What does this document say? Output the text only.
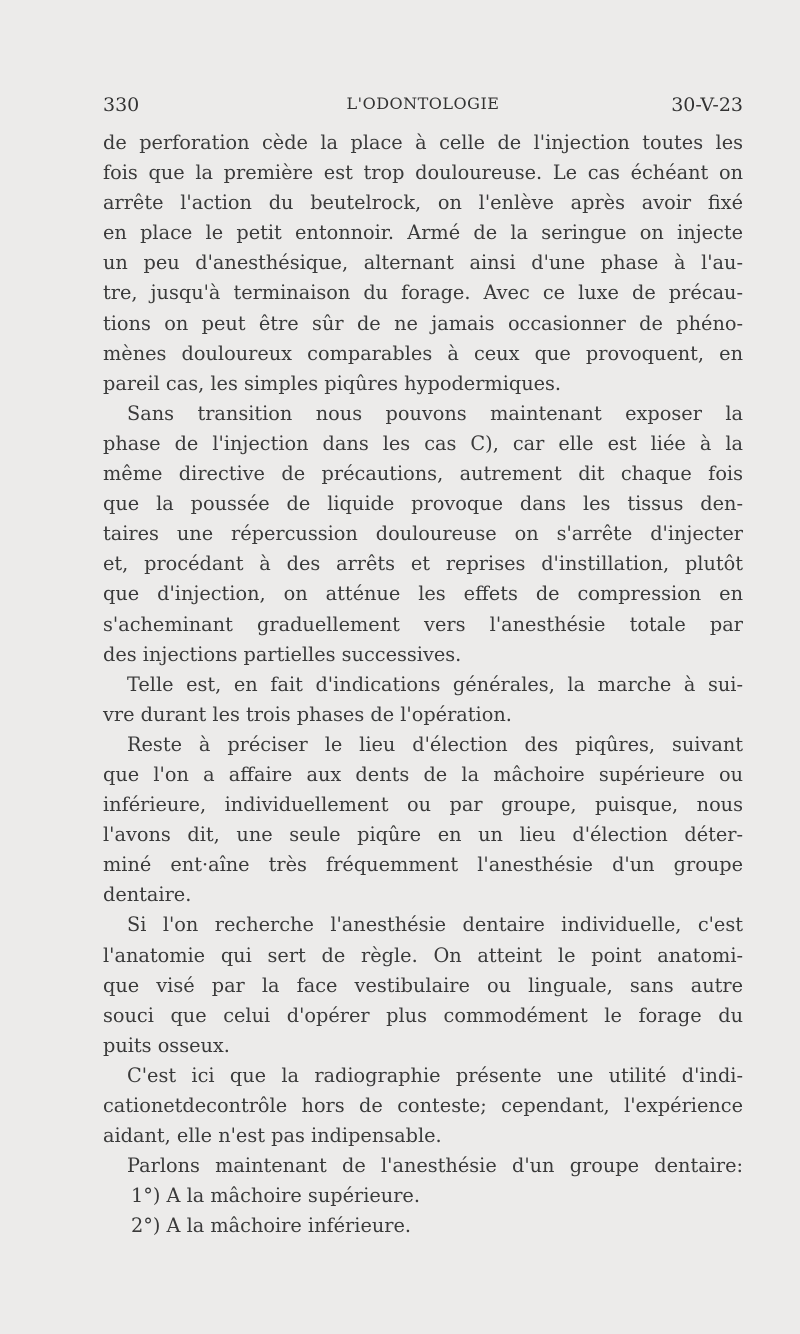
330	L'ODONTOLOGIE	30-V-23
de perforation cède la place à celle de l'injection toutes les
fois que la première est trop douloureuse. Le cas échéant on
arrête l'action du beutelrock, on l'enlève après avoir fixé
en place le petit entonnoir. Armé de la seringue on injecte
un peu d'anesthésique, alternant ainsi d'une phase à l'au-
tre, jusqu'à terminaison du forage. Avec ce luxe de précau-
tions on peut être sûr de ne jamais occasionner de phéno-
mènes douloureux comparables à ceux que provoquent, en
pareil cas, les simples piqûres hypodermiques.
Sans transition nous pouvons maintenant exposer la
phase de l'injection dans les cas C), car elle est liée à la
même directive de précautions, autrement dit chaque fois
que la poussée de liquide provoque dans les tissus den-
taires une répercussion douloureuse on s'arrête d'injecter
et, procédant à des arrêts et reprises d'instillation, plutôt
que d'injection, on atténue les effets de compression en
s'acheminant graduellement vers l'anesthésie totale par
des injections partielles successives.
Telle est, en fait d'indications générales, la marche à sui-
vre durant les trois phases de l'opération.
Reste à préciser le lieu d'élection des piqûres, suivant
que l'on a affaire aux dents de la mâchoire supérieure ou
inférieure, individuellement ou par groupe, puisque, nous
l'avons dit, une seule piqûre en un lieu d'élection déter-
miné ent·aîne très fréquemment l'anesthésie d'un groupe
dentaire.
Si l'on recherche l'anesthésie dentaire individuelle, c'est
l'anatomie qui sert de règle. On atteint le point anatomi-
que visé par la face vestibulaire ou linguale, sans autre
souci que celui d'opérer plus commodément le forage du
puits osseux.
C'est ici que la radiographie présente une utilité d'indi-
cationetdecontrôle hors de conteste; cependant, l'expérience
aidant, elle n'est pas indipensable.
Parlons maintenant de l'anesthésie d'un groupe dentaire:
1°) A la mâchoire supérieure.
2°) A la mâchoire inférieure.
